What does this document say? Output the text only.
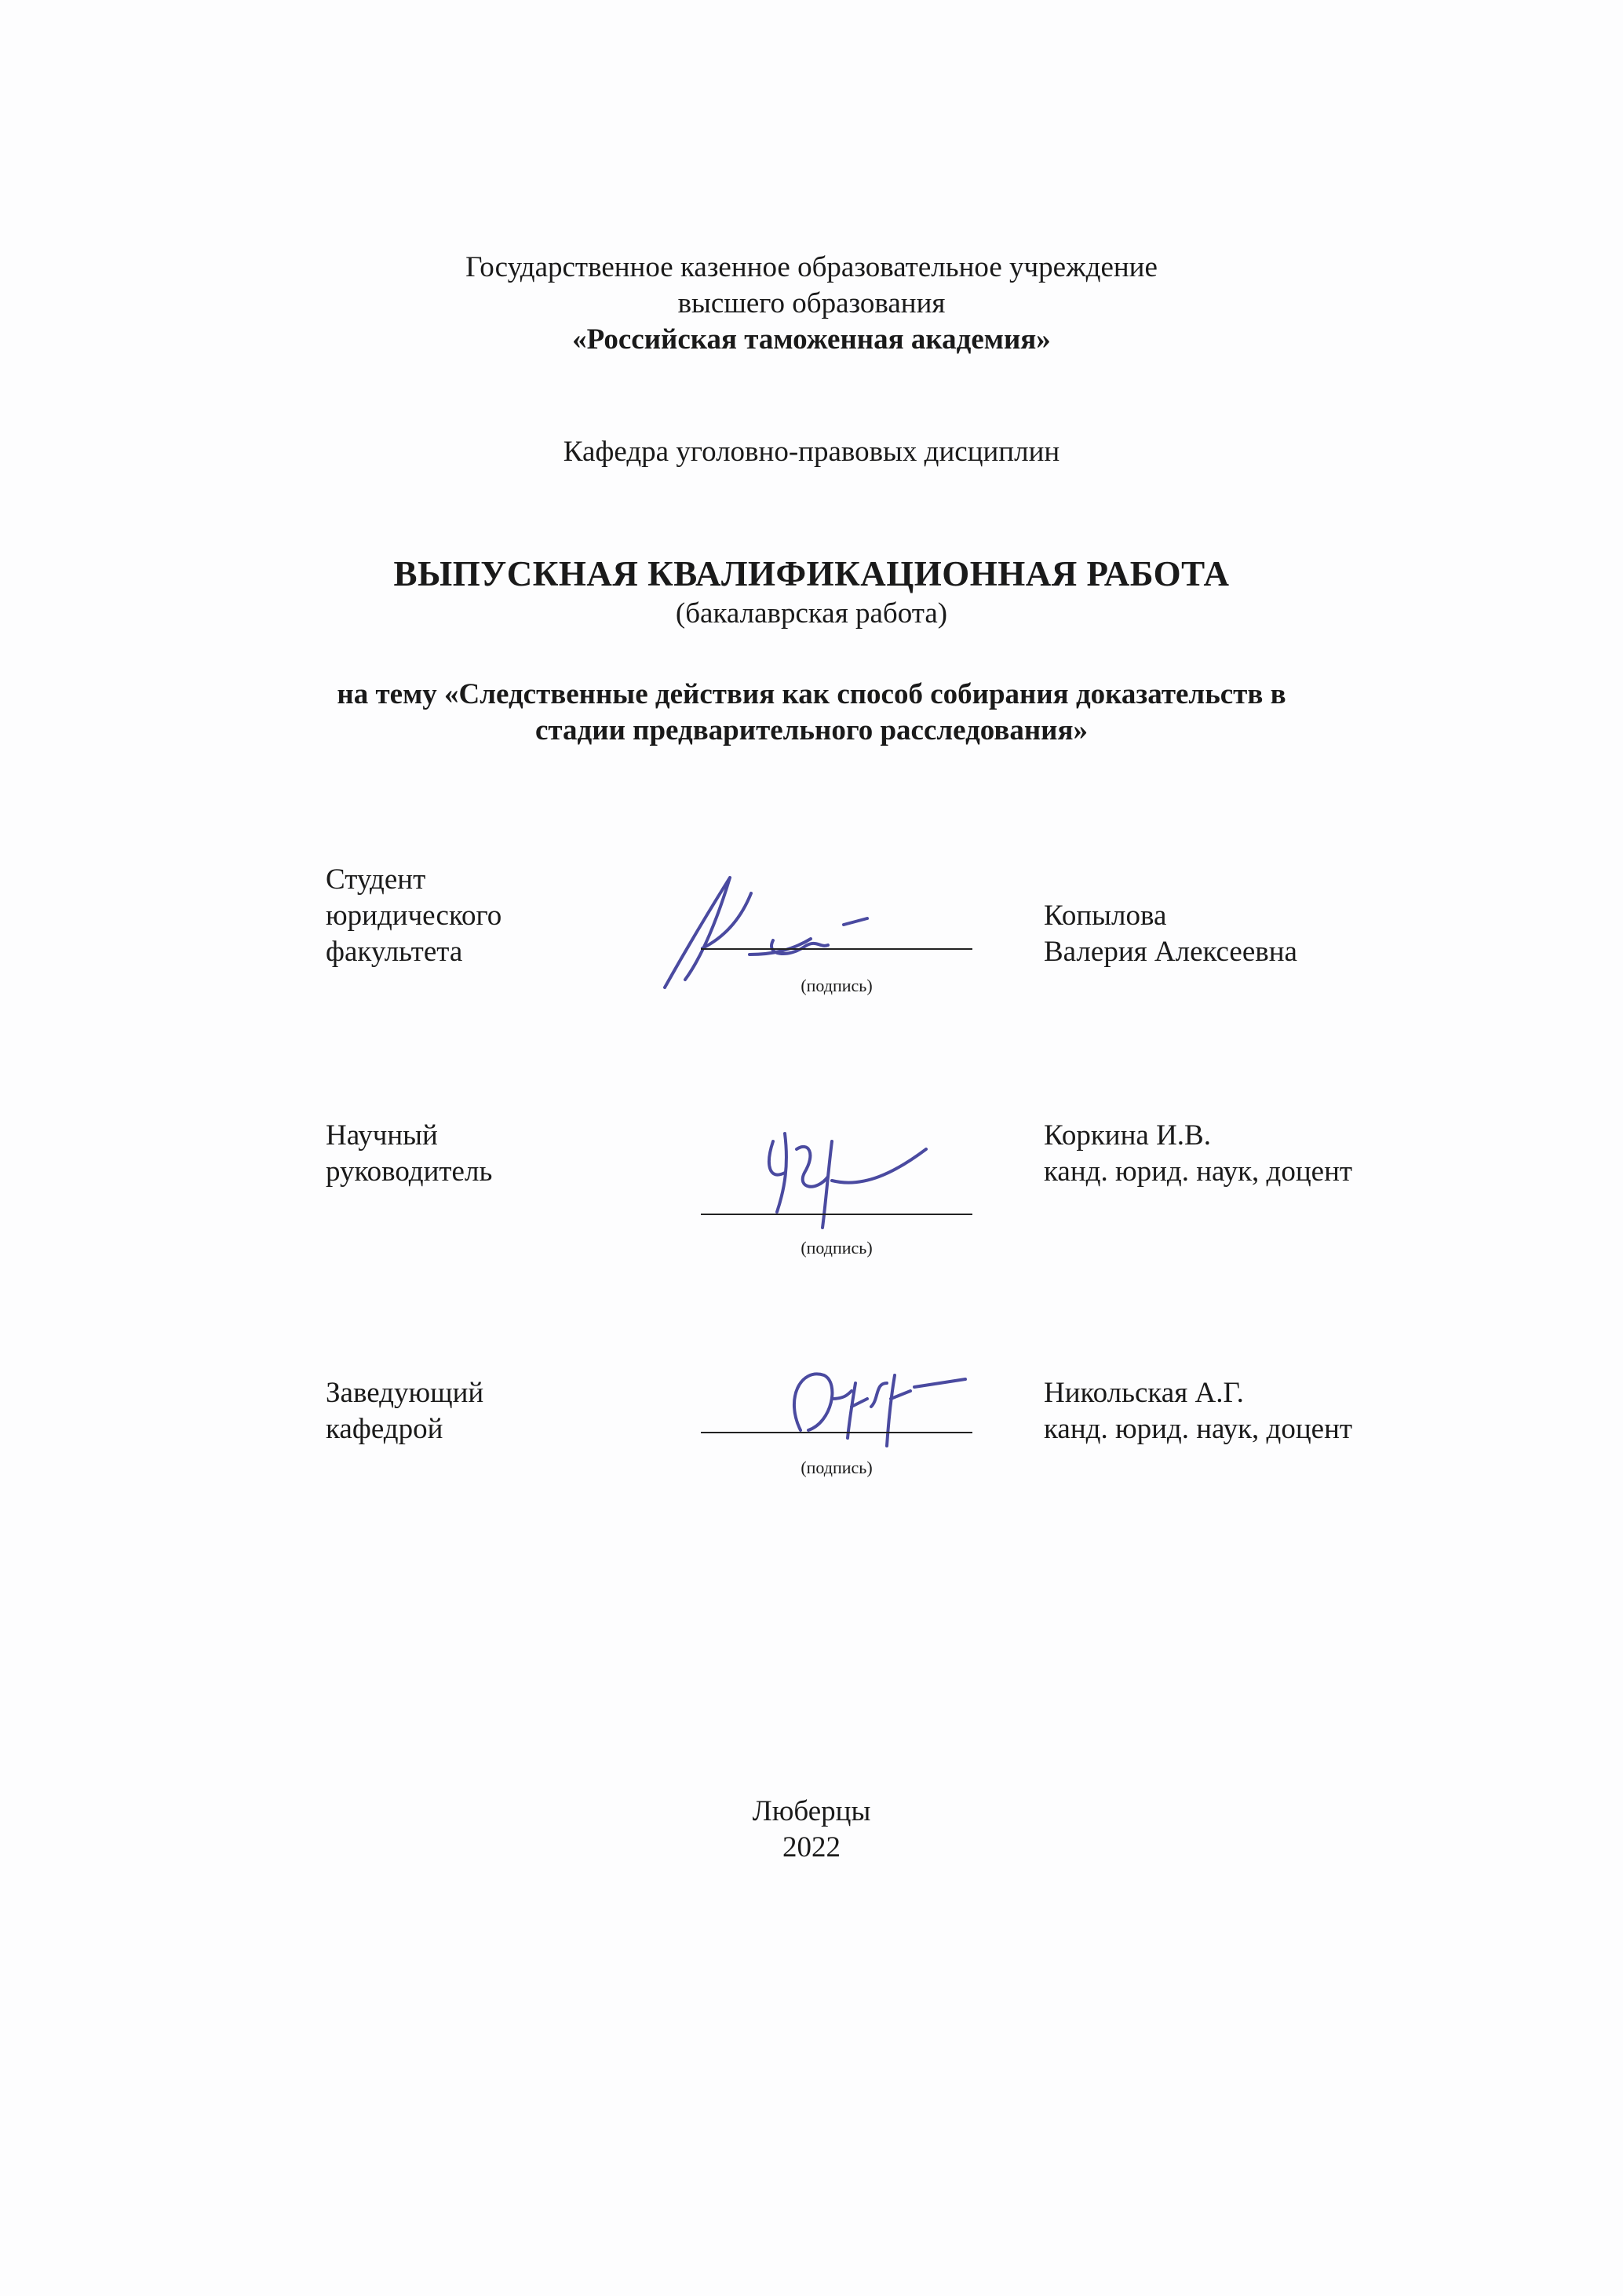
Государственное казенное образовательное учреждение
высшего образования
«Российская таможенная академия»
Кафедра уголовно-правовых дисциплин
ВЫПУСКНАЯ КВАЛИФИКАЦИОННАЯ РАБОТА
(бакалаврская работа)
на тему «Следственные действия как способ собирания доказательств в
стадии предварительного расследования»
Студент
юридического
факультета
(подпись)
Копылова
Валерия Алексеевна
Научный
руководитель
(подпись)
Коркина И.В.
канд. юрид. наук, доцент
Заведующий
кафедрой
(подпись)
Никольская А.Г.
канд. юрид. наук, доцент
Люберцы
2022
